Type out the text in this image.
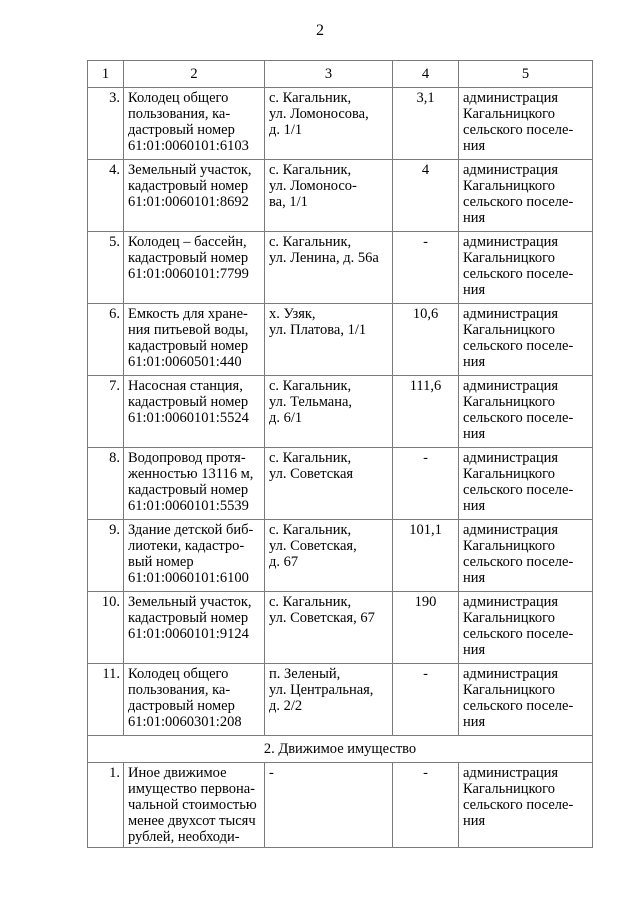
2
1	2	3	4	5
3.	Колодец общего
пользования, ка-
дастровый номер
61:01:0060101:6103	с. Кагальник,
ул. Ломоносова,
д. 1/1	3,1	администрация
Кагальницкого
сельского поселе-
ния
4.	Земельный участок,
кадастровый номер
61:01:0060101:8692	с. Кагальник,
ул. Ломоносо-
ва, 1/1	4	администрация
Кагальницкого
сельского поселе-
ния
5.	Колодец – бассейн,
кадастровый номер
61:01:0060101:7799	с. Кагальник,
ул. Ленина, д. 56а	-	администрация
Кагальницкого
сельского поселе-
ния
6.	Емкость для хране-
ния питьевой воды,
кадастровый номер
61:01:0060501:440	х. Узяк,
ул. Платова, 1/1	10,6	администрация
Кагальницкого
сельского поселе-
ния
7.	Насосная станция,
кадастровый номер
61:01:0060101:5524	с. Кагальник,
ул. Тельмана,
д. 6/1	111,6	администрация
Кагальницкого
сельского поселе-
ния
8.	Водопровод протя-
женностью 13116 м,
кадастровый номер
61:01:0060101:5539	с. Кагальник,
ул. Советская	-	администрация
Кагальницкого
сельского поселе-
ния
9.	Здание детской биб-
лиотеки, кадастро-
вый номер
61:01:0060101:6100	с. Кагальник,
ул. Советская,
д. 67	101,1	администрация
Кагальницкого
сельского поселе-
ния
10.	Земельный участок,
кадастровый номер
61:01:0060101:9124	с. Кагальник,
ул. Советская, 67	190	администрация
Кагальницкого
сельского поселе-
ния
11.	Колодец общего
пользования, ка-
дастровый номер
61:01:0060301:208	п. Зеленый,
ул. Центральная,
д. 2/2	-	администрация
Кагальницкого
сельского поселе-
ния
2. Движимое имущество				
1.	Иное движимое
имущество первона-
чальной стоимостью
менее двухсот тысяч
рублей, необходи-	-	-	администрация
Кагальницкого
сельского поселе-
ния
